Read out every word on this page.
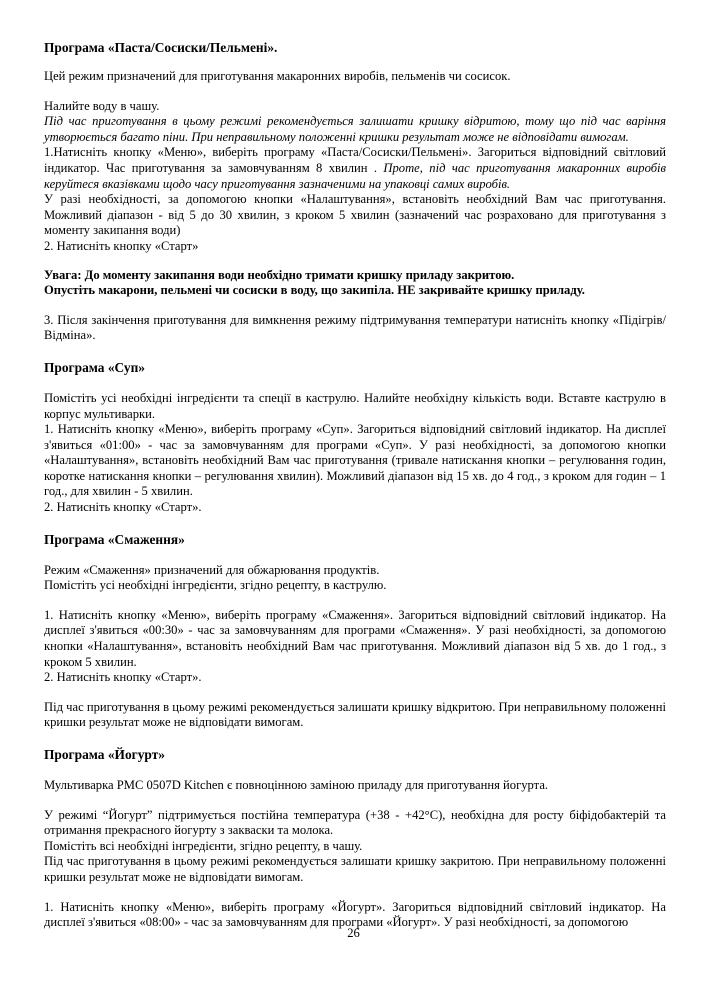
Програма «Паста/Сосиски/Пельмені».

Цей режим призначений для приготування макаронних виробів, пельменів чи сосисок.

Налийте воду в чашу.

Під час приготування в цьому режимі рекомендується залишати кришку відритою, тому що під час варіння утворюється багато піни. При неправильному положенні кришки результат може не відповідати вимогам.

1.Натисніть кнопку «Меню», виберіть програму «Паста/Сосиски/Пельмені». Загориться відповідний світловий індикатор. Час приготування за замовчуванням 8 хвилин . Проте, під час приготування макаронних виробів керуйтеся вказівками щодо часу приготування зазначеними на упаковці самих виробів.

У разі необхідності, за допомогою кнопки «Налаштування», встановіть необхідний Вам час приготування. Можливий діапазон - від 5 до 30 хвилин, з кроком 5 хвилин (зазначений час розраховано для приготування з моменту закипання води)

2. Натисніть кнопку «Старт»

Увага: До моменту закипання води необхідно тримати кришку приладу закритою.

Опустіть макарони, пельмені чи сосиски в воду, що закипіла. НЕ закривайте кришку приладу.

3. Після закінчення приготування для вимкнення режиму підтримування температури натисніть кнопку «Підігрів/Відміна».

Програма «Суп»

Помістіть усі необхідні інгредієнти та спеції в каструлю. Налийте необхідну кількість води. Вставте каструлю в корпус мультиварки.

1. Натисніть кнопку «Меню», виберіть програму «Суп». Загориться відповідний світловий індикатор. На дисплеї з'явиться «01:00» - час за замовчуванням для програми «Суп». У разі необхідності, за допомогою кнопки «Налаштування», встановіть необхідний Вам час приготування (тривале натискання кнопки – регулювання годин, коротке натискання кнопки – регулювання хвилин). Можливий діапазон від 15 хв. до 4 год., з кроком для годин – 1 год., для хвилин - 5 хвилин.

2. Натисніть кнопку «Старт».

Програма «Смаження»

Режим «Смаження» призначений для обжарювання продуктів.

Помістіть усі необхідні інгредієнти, згідно рецепту, в каструлю.

1. Натисніть кнопку «Меню», виберіть програму «Смаження». Загориться відповідний світловий індикатор. На дисплеї з'явиться «00:30» - час за замовчуванням для програми «Смаження». У разі необхідності, за допомогою кнопки «Налаштування», встановіть необхідний Вам час приготування. Можливий діапазон від 5 хв. до 1 год., з кроком 5 хвилин.

2. Натисніть кнопку «Старт».

Під час приготування в цьому режимі рекомендується залишати кришку відкритою. При неправильному положенні кришки результат може не відповідати вимогам.

Програма «Йогурт»

Мультиварка РМС 0507D Kitchen є повноцінною заміною приладу для приготування йогурта.

У режимі “Йогурт” підтримується постійна температура (+38 - +42°С), необхідна для росту біфідобактерій та отримання прекрасного йогурту з закваски та молока.

Помістіть всі необхідні інгредієнти, згідно рецепту, в чашу.

Під час приготування в цьому режимі рекомендується залишати кришку закритою. При неправильному положенні кришки результат може не відповідати вимогам.

1. Натисніть кнопку «Меню», виберіть програму «Йогурт». Загориться відповідний світловий індикатор. На дисплеї з'явиться «08:00» - час за замовчуванням для програми «Йогурт». У разі необхідності, за допомогою

26
